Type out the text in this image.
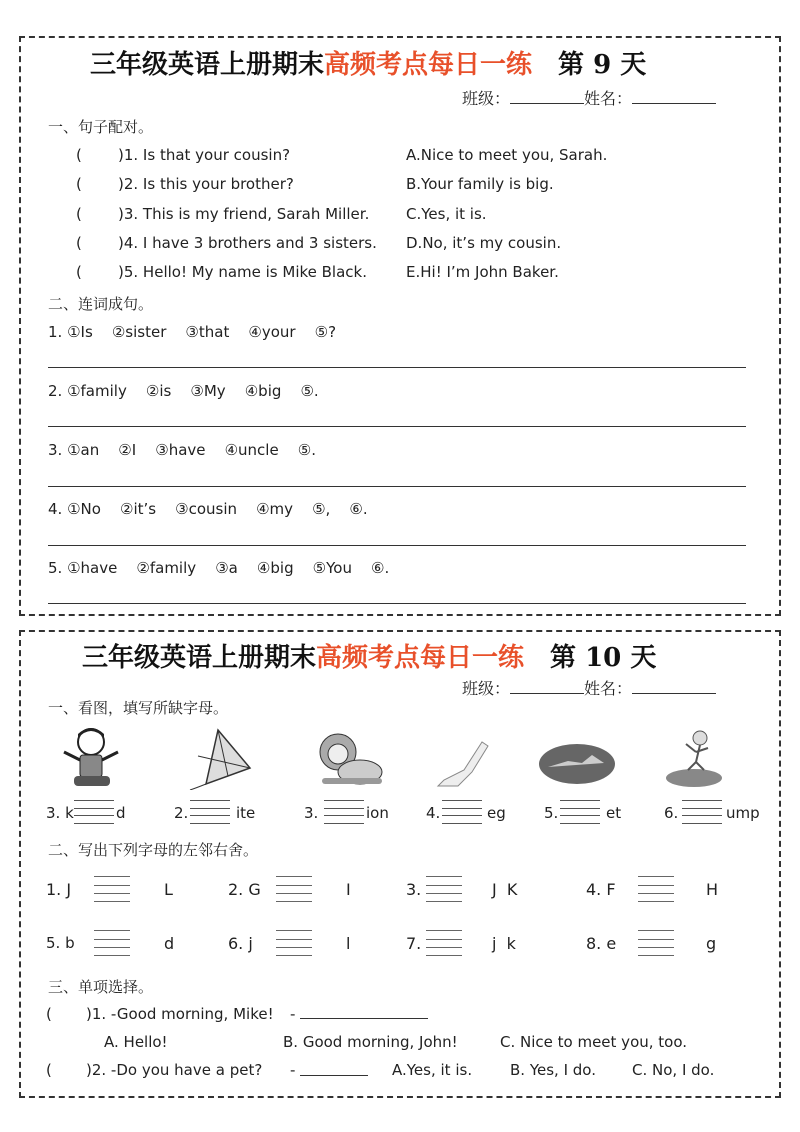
三年级英语上册期末高频考点每日一练 第 9 天
班级：	姓名：
一、句子配对。
( )1. Is that your cousin?	A.Nice to meet you, Sarah.
( )2. Is this your brother?	B.Your family is big.
( )3. This is my friend, Sarah Miller. C.Yes, it is.
( )4. I have 3 brothers and 3 sisters. D.No, it’s my cousin.
( )5. Hello! My name is Mike Black.	E.Hi! I’m John Baker.
二、连词成句。
1. ①Is    ②sister    ③that    ④your    ⑤?
2. ①family    ②is    ③My    ④big    ⑤.
3. ①an    ②I    ③have    ④uncle    ⑤.
4. ①No    ②it’s    ③cousin    ④my    ⑤,    ⑥.
5. ①have    ②family    ③a    ④big    ⑤You    ⑥.
三年级英语上册期末高频考点每日一练 第 10 天
班级：	姓名：
一、看图，填写所缺字母。
3. k	d	2.	ite	3.	ion 4.	eg	5.	et	6.	ump
二、写出下列字母的左邻右舍。
1. J	L	2. G	I	3.	J  K	4. F	H
5. b	d	6. j	l	7.	j  k	8. e	g
三、单项选择。
( )1. -Good morning, Mike! -
A. Hello!	B. Good morning, John!	C. Nice to meet you, too.
( )2. -Do you have a pet? -	A.Yes, it is.	B. Yes, I do. C. No, I do.
